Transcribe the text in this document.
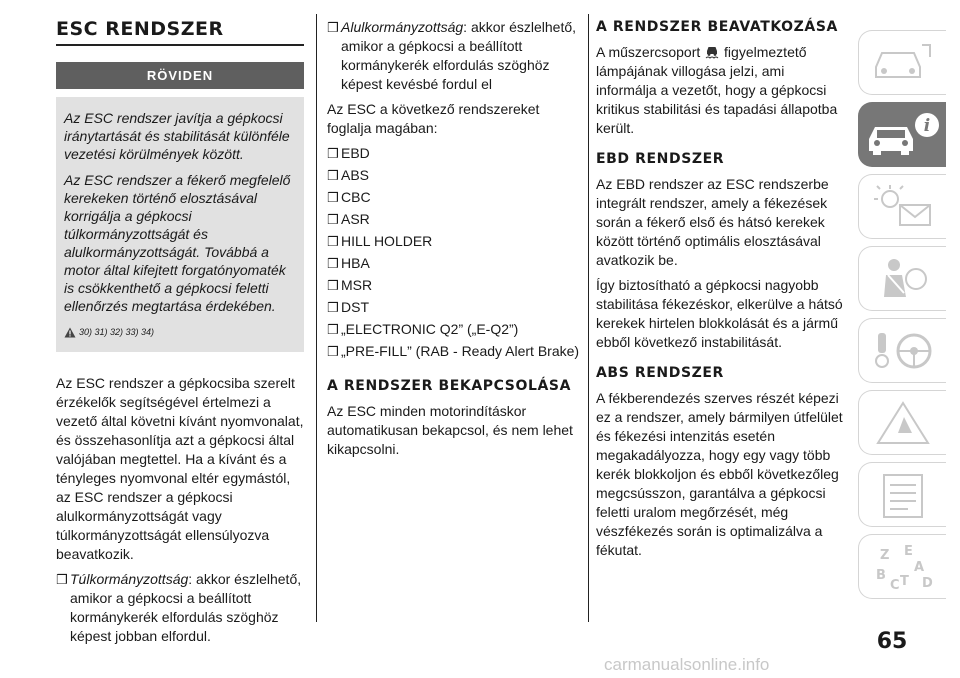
ESC RENDSZER
RÖVIDEN

Az ESC rendszer javítja a gépkocsi iránytartását és stabilitását különféle vezetési körülmények között.

Az ESC rendszer a fékerő megfelelő kerekeken történő elosztásával korrigálja a gépkocsi túlkormányzottságát és alulkormányzottságát. Továbbá a motor által kifejtett forgatónyomaték is csökkenthető a gépkocsi feletti ellenőrzés megtartása érdekében.

30) 31) 32) 33) 34)

Az ESC rendszer a gépkocsiba szerelt érzékelők segítségével értelmezi a vezető által követni kívánt nyomvonalat, és összehasonlítja azt a gépkocsi által valójában megtettel. Ha a kívánt és a tényleges nyomvonal eltér egymástól, az ESC rendszer a gépkocsi alulkormányzottságát vagy túlkormányzottságát ellensúlyozva beavatkozik.

❒ Túlkormányzottság: akkor észlelhető, amikor a gépkocsi a beállított kormánykerék elfordulás szöghöz képest jobban elfordul.
❒ Alulkormányzottság: akkor észlelhető, amikor a gépkocsi a beállított kormánykerék elfordulás szöghöz képest kevésbé fordul el

Az ESC a következő rendszereket foglalja magában:

❒ EBD
❒ ABS
❒ CBC
❒ ASR
❒ HILL HOLDER
❒ HBA
❒ MSR
❒ DST
❒ „ELECTRONIC Q2” („E-Q2”)
❒ „PRE-FILL” (RAB - Ready Alert Brake)
A RENDSZER BEKAPCSOLÁSA

Az ESC minden motorindításkor automatikusan bekapcsol, és nem lehet kikapcsolni.

A RENDSZER BEAVATKOZÁSA

A műszercsoport figyelmeztető lámpájának villogása jelzi, ami informálja a vezetőt, hogy a gépkocsi kritikus stabilitási és tapadási állapotba került.

EBD RENDSZER

Az EBD rendszer az ESC rendszerbe integrált rendszer, amely a fékezések során a fékerő első és hátsó kerekek között történő optimális elosztásával avatkozik be.

Így biztosítható a gépkocsi nagyobb stabilitása fékezéskor, elkerülve a hátsó kerekek hirtelen blokkolását és a jármű ebből következő instabilitását.

ABS RENDSZER

A fékberendezés szerves részét képezi ez a rendszer, amely bármilyen útfelület és fékezési intenzitás esetén megakadályozza, hogy egy vagy több kerék blokkoljon és ebből következőleg megcsússzon, garantálva a gépkocsi feletti uralom megőrzését, még vészfékezés során is optimalizálva a fékutat.

i
Z E
A
B
C T D
65
carmanualsonline.info
